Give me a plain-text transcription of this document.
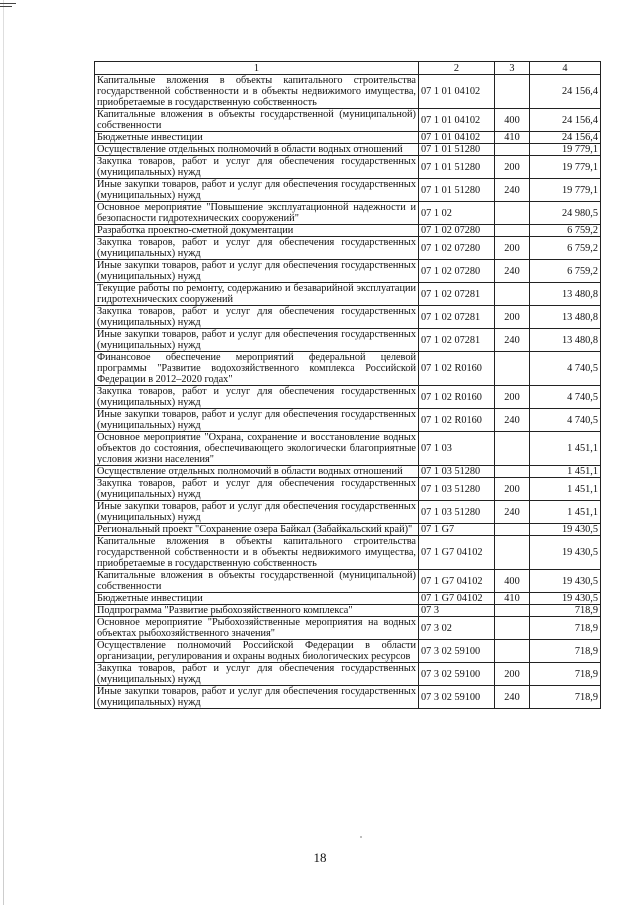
1	2	3	4
Капитальные вложения в объекты капитального строительства государственной собственности и в объекты недвижимого имущества, приобретаемые в государственную собственность	07 1 01 04102		24 156,4
Капитальные вложения в объекты государственной (муниципальной) собственности	07 1 01 04102	400	24 156,4
Бюджетные инвестиции	07 1 01 04102	410	24 156,4
Осуществление отдельных полномочий в области водных отношений	07 1 01 51280		19 779,1
Закупка товаров, работ и услуг для обеспечения государственных (муниципальных) нужд	07 1 01 51280	200	19 779,1
Иные закупки товаров, работ и услуг для обеспечения государственных (муниципальных) нужд	07 1 01 51280	240	19 779,1
Основное мероприятие "Повышение эксплуатационной надежности и безопасности гидротехнических сооружений"	07 1 02		24 980,5
Разработка проектно-сметной документации	07 1 02 07280		6 759,2
Закупка товаров, работ и услуг для обеспечения государственных (муниципальных) нужд	07 1 02 07280	200	6 759,2
Иные закупки товаров, работ и услуг для обеспечения государственных (муниципальных) нужд	07 1 02 07280	240	6 759,2
Текущие работы по ремонту, содержанию и безаварийной эксплуатации гидротехнических сооружений	07 1 02 07281		13 480,8
Закупка товаров, работ и услуг для обеспечения государственных (муниципальных) нужд	07 1 02 07281	200	13 480,8
Иные закупки товаров, работ и услуг для обеспечения государственных (муниципальных) нужд	07 1 02 07281	240	13 480,8
Финансовое обеспечение мероприятий федеральной целевой программы "Развитие водохозяйственного комплекса Российской Федерации в 2012–2020 годах"	07 1 02 R0160		4 740,5
Закупка товаров, работ и услуг для обеспечения государственных (муниципальных) нужд	07 1 02 R0160	200	4 740,5
Иные закупки товаров, работ и услуг для обеспечения государственных (муниципальных) нужд	07 1 02 R0160	240	4 740,5
Основное мероприятие "Охрана, сохранение и восстановление водных объектов до состояния, обеспечивающего экологически благоприятные условия жизни населения"	07 1 03		1 451,1
Осуществление отдельных полномочий в области водных отношений	07 1 03 51280		1 451,1
Закупка товаров, работ и услуг для обеспечения государственных (муниципальных) нужд	07 1 03 51280	200	1 451,1
Иные закупки товаров, работ и услуг для обеспечения государственных (муниципальных) нужд	07 1 03 51280	240	1 451,1
Региональный проект "Сохранение озера Байкал (Забайкальский край)"	07 1 G7		19 430,5
Капитальные вложения в объекты капитального строительства государственной собственности и в объекты недвижимого имущества, приобретаемые в государственную собственность	07 1 G7 04102		19 430,5
Капитальные вложения в объекты государственной (муниципальной) собственности	07 1 G7 04102	400	19 430,5
Бюджетные инвестиции	07 1 G7 04102	410	19 430,5
Подпрограмма "Развитие рыбохозяйственного комплекса"	07 3		718,9
Основное мероприятие "Рыбохозяйственные мероприятия на водных объектах рыбохозяйственного значения"	07 3 02		718,9
Осуществление полномочий Российской Федерации в области организации, регулирования и охраны водных биологических ресурсов	07 3 02 59100		718,9
Закупка товаров, работ и услуг для обеспечения государственных (муниципальных) нужд	07 3 02 59100	200	718,9
Иные закупки товаров, работ и услуг для обеспечения государственных (муниципальных) нужд	07 3 02 59100	240	718,9
18
